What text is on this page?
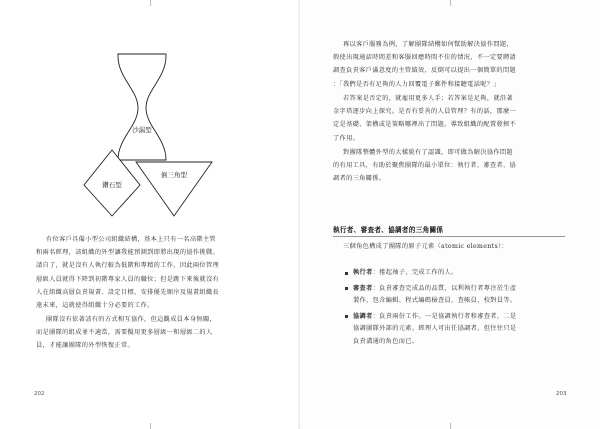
沙漏型
鑽石型
倒三角型

有位客戶具備小型公司組織結構，基本上只有一名高階主管
和兩名經理，該組織的外型讓我能預測到即將出現的協作挑戰。
請自了，就是沒有人執行較為低階和專精的工作，因此兩位管理
層級人員就得下降到初階專家人員的職位；但是跳下來後就沒有
人在組織高層負責規畫、設定目標，安排優先順序及規畫組織長
遠未來，這就使得組織十分必要的工作。

團隊沒有依著該有的方式相互協作，但這觀成員本身無關，
而是團隊的組成並不適當，需要擬用更多層級一和層級二的人
員，才能讓團隊的外型恢復正常。

202

再以客戶服務為例，了解團隊結構如何幫助解決協作問題，
假使出現通話時間差和客服回應時間不佳的情況，不一定要聘請
調查負責客戶滿意度的主管績效，反倒可以提出一個簡單的問題
：「我們是否有足夠的人力回覆電子郵件和接聽電話呢？」

若答案是否定的，就雇用更多人手；若答案是足夠，就沿著
金字塔逐步向上探究。是否有妥善的人員管理？有的話，那麼一
定是基礎、架構或是策略哪裡出了問題，導致組織的配置發揮不
了作用。

對團隊整體外型的大樣貌有了認識，即可做為解決協作問題
的有用工具，有助於聚焦團隊的最小單位：執行者、審查者、協
調者的三角關係。

執行者、審查者、協調者的三角關係

三個角色構成了團隊的原子元素（atomic elements）：

執行者：捲起袖子，完成工作的人。
審查者：負責審查完成品的品質，以利執行者專注於生產
製作，包含編輯、程式編碼檢查員，查帳員，校對員等。
協調者：負責兩份工作。一是協調執行者和審查者，二是
協調團隊外部的元素。經理人可出任協調者，但往往只是
負責溝通的角色而已。
203
